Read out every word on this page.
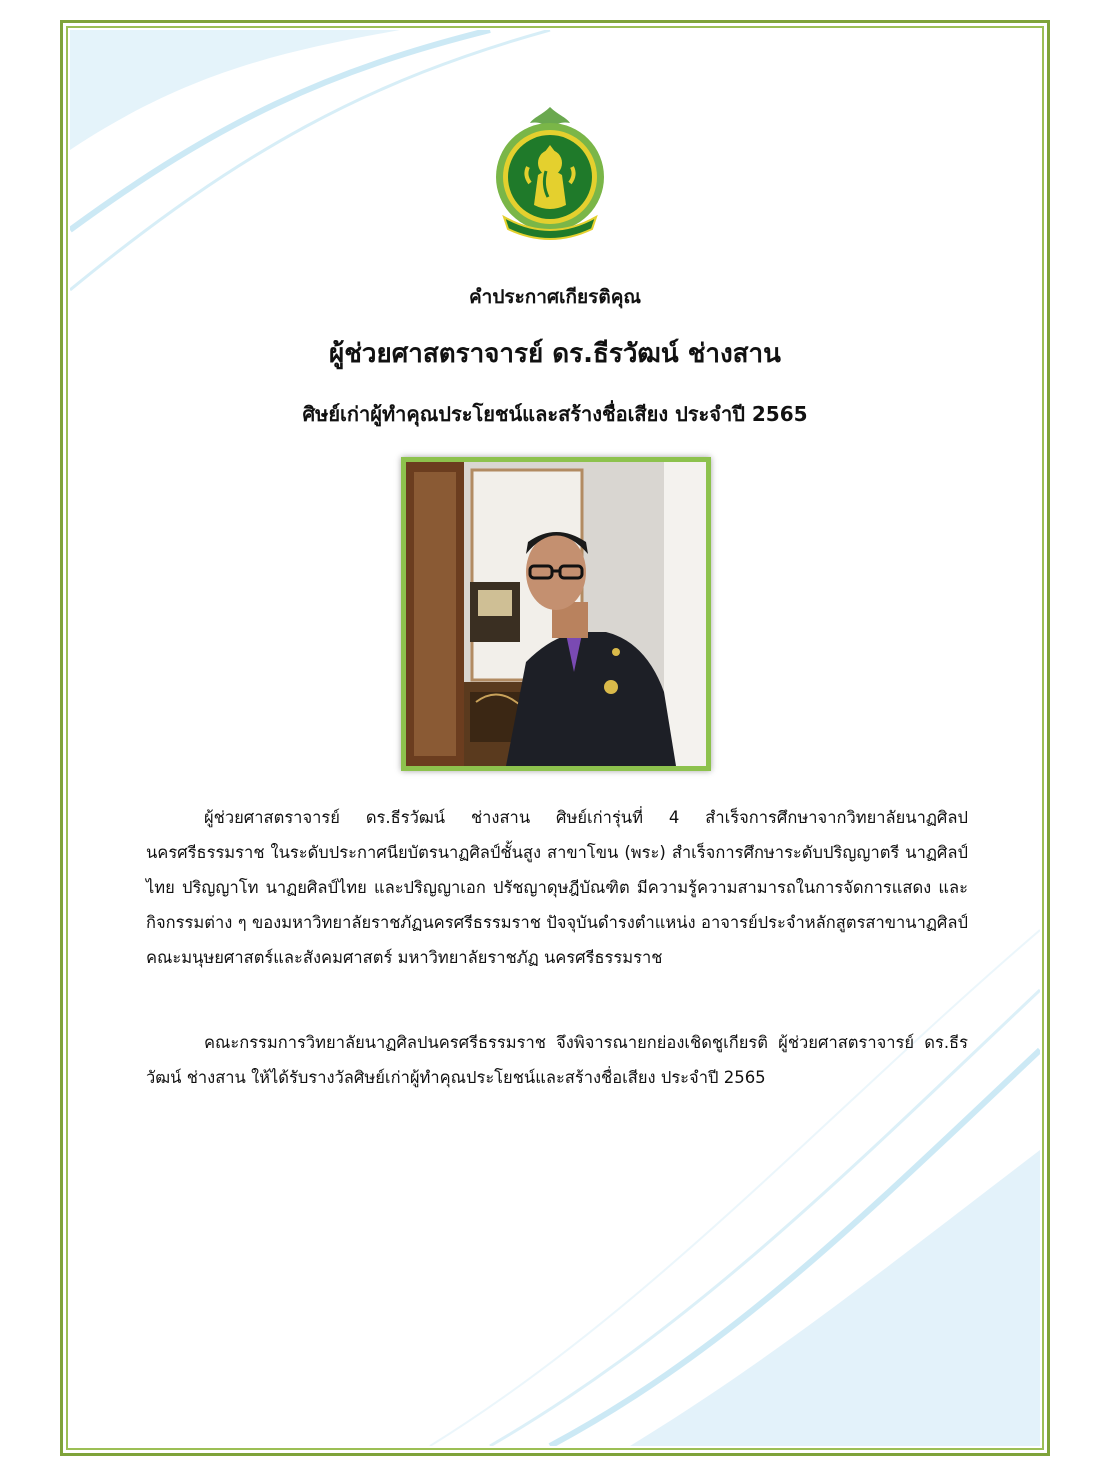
คำประกาศเกียรติคุณ
ผู้ช่วยศาสตราจารย์ ดร.ธีรวัฒน์ ช่างสาน
ศิษย์เก่าผู้ทำคุณประโยชน์และสร้างชื่อเสียง ประจำปี 2565
ผู้ช่วยศาสตราจารย์ ดร.ธีรวัฒน์ ช่างสาน ศิษย์เก่ารุ่นที่ 4 สำเร็จการศึกษาจากวิทยาลัยนาฏศิลป นครศรีธรรมราช ในระดับประกาศนียบัตรนาฏศิลป์ชั้นสูง สาขาโขน (พระ) สำเร็จการศึกษาระดับปริญญาตรี นาฏศิลป์ไทย ปริญญาโท นาฏยศิลป์ไทย และปริญญาเอก ปรัชญาดุษฎีบัณฑิต มีความรู้ความสามารถในการจัดการแสดง และกิจกรรมต่าง ๆ ของมหาวิทยาลัยราชภัฏนครศรีธรรมราช ปัจจุบันดำรงตำแหน่ง อาจารย์ประจำหลักสูตรสาขานาฏศิลป์ คณะมนุษยศาสตร์และสังคมศาสตร์ มหาวิทยาลัยราชภัฏ นครศรีธรรมราช
คณะกรรมการวิทยาลัยนาฏศิลปนครศรีธรรมราช จึงพิจารณายกย่องเชิดชูเกียรติ ผู้ช่วยศาสตราจารย์ ดร.ธีรวัฒน์ ช่างสาน ให้ได้รับรางวัลศิษย์เก่าผู้ทำคุณประโยชน์และสร้างชื่อเสียง ประจำปี 2565
